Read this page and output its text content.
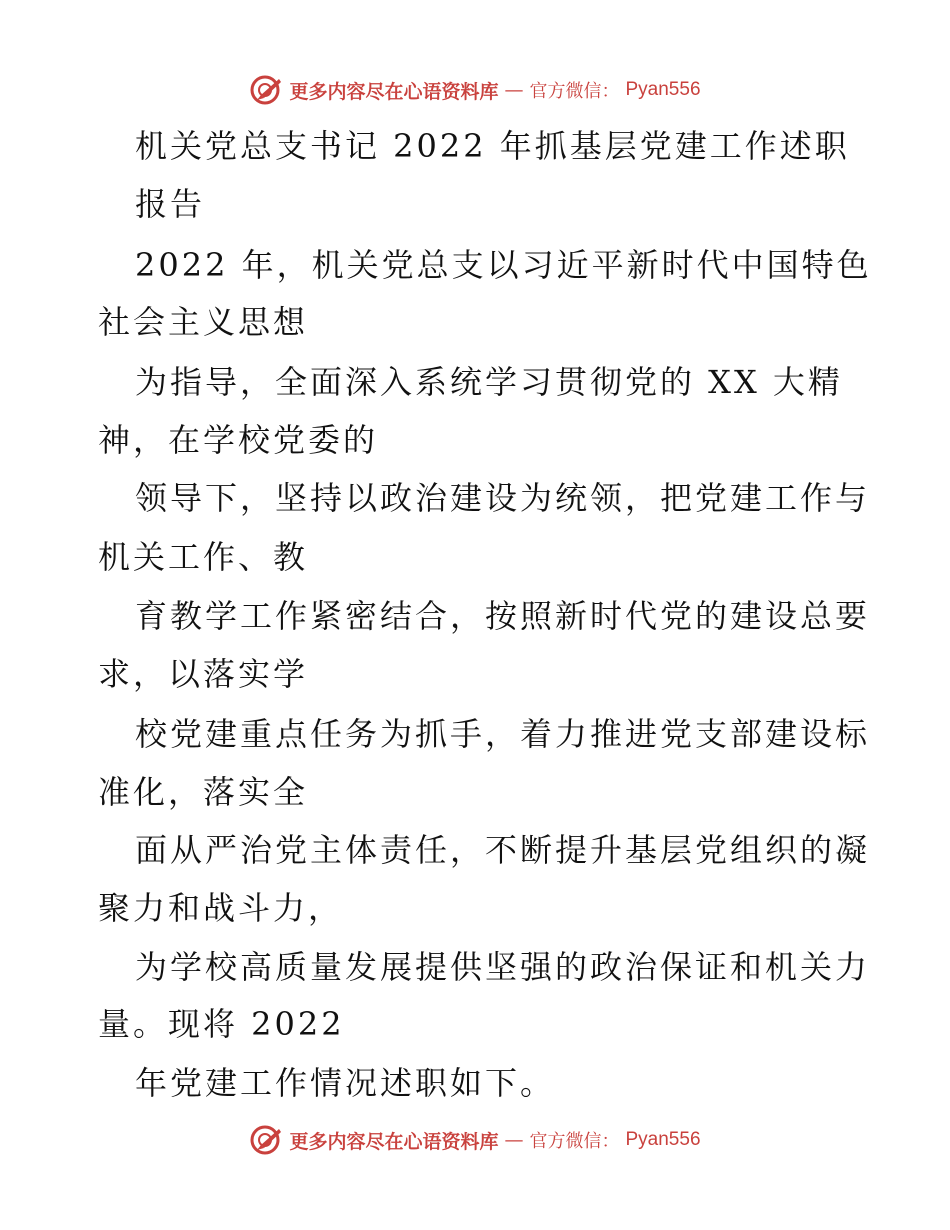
更多内容尽在心语资料库 — 官方微信： Pyan556
机关党总支书记 2022 年抓基层党建工作述职
报告
2022 年，机关党总支以习近平新时代中国特色
社会主义思想
为指导，全面深入系统学习贯彻党的 XX 大精
神，在学校党委的
领导下，坚持以政治建设为统领，把党建工作与
机关工作、教
育教学工作紧密结合，按照新时代党的建设总要
求，以落实学
校党建重点任务为抓手，着力推进党支部建设标
准化，落实全
面从严治党主体责任，不断提升基层党组织的凝
聚力和战斗力，
为学校高质量发展提供坚强的政治保证和机关力
量。现将 2022
年党建工作情况述职如下。
更多内容尽在心语资料库 — 官方微信： Pyan556
